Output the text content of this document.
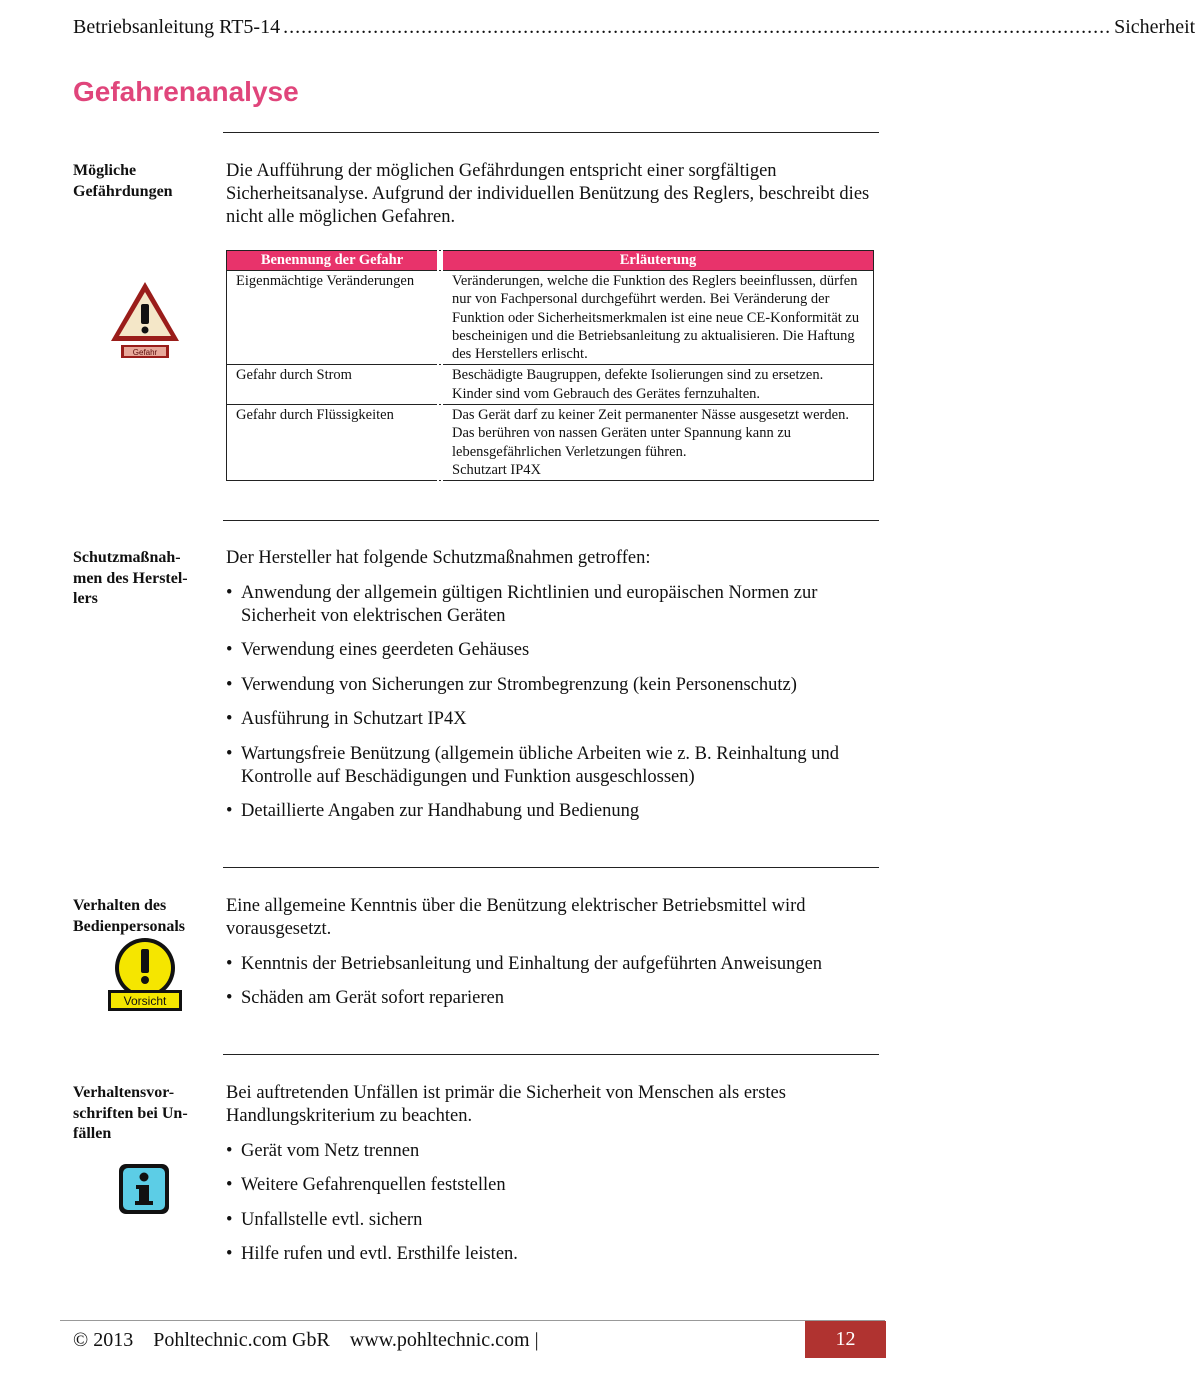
Betriebsanleitung RT5-14 .......................................................................................................................................... Sicherheit
Gefahrenanalyse
Mögliche
Gefährdungen
Die Aufführung der möglichen Gefährdungen entspricht einer sorgfältigen Sicherheitsanalyse. Aufgrund der individuellen Benützung des Reglers, beschreibt dies nicht alle möglichen Gefahren.
Gefahr
Benennung der Gefahr		Erläuterung
Eigenmächtige Veränderungen		Veränderungen, welche die Funktion des Reglers beeinflussen, dürfen nur von Fachpersonal durchgeführt werden. Bei Veränderung der Funktion oder Sicherheitsmerkmalen ist eine neue CE-Konformität zu bescheinigen und die Betriebsanleitung zu aktualisieren. Die Haftung des Herstellers erlischt.
Gefahr durch Strom		Beschädigte Baugruppen, defekte Isolierungen sind zu ersetzen. Kinder sind vom Gebrauch des Gerätes fernzuhalten.
Gefahr durch Flüssigkeiten		Das Gerät darf zu keiner Zeit permanenter Nässe ausgesetzt werden. Das berühren von nassen Geräten unter Spannung kann zu lebensgefährlichen Verletzungen führen.
Schutzart IP4X
Schutzmaßnah-
men des Herstel-
lers
Der Hersteller hat folgende Schutzmaßnahmen getroffen:
• Anwendung der allgemein gültigen Richtlinien und europäischen Normen zur Sicherheit von elektrischen Geräten
• Verwendung eines geerdeten Gehäuses
• Verwendung von Sicherungen zur Strombegrenzung (kein Personenschutz)
• Ausführung in Schutzart IP4X
• Wartungsfreie Benützung (allgemein übliche Arbeiten wie z. B. Reinhaltung und Kontrolle auf Beschädigungen und Funktion ausgeschlossen)
• Detaillierte Angaben zur Handhabung und Bedienung
Verhalten des
Bedienpersonals
Vorsicht
Eine allgemeine Kenntnis über die Benützung elektrischer Betriebsmittel wird vorausgesetzt.
• Kenntnis der Betriebsanleitung und Einhaltung der aufgeführten Anweisungen
• Schäden am Gerät sofort reparieren
Verhaltensvor-
schriften bei Un-
fällen
Bei auftretenden Unfällen ist primär die Sicherheit von Menschen als erstes Handlungskriterium zu beachten.
• Gerät vom Netz trennen
• Weitere Gefahrenquellen feststellen
• Unfallstelle evtl. sichern
• Hilfe rufen und evtl. Ersthilfe leisten.
© 2013    Pohltechnic.com GbR    www.pohltechnic.com |	12
